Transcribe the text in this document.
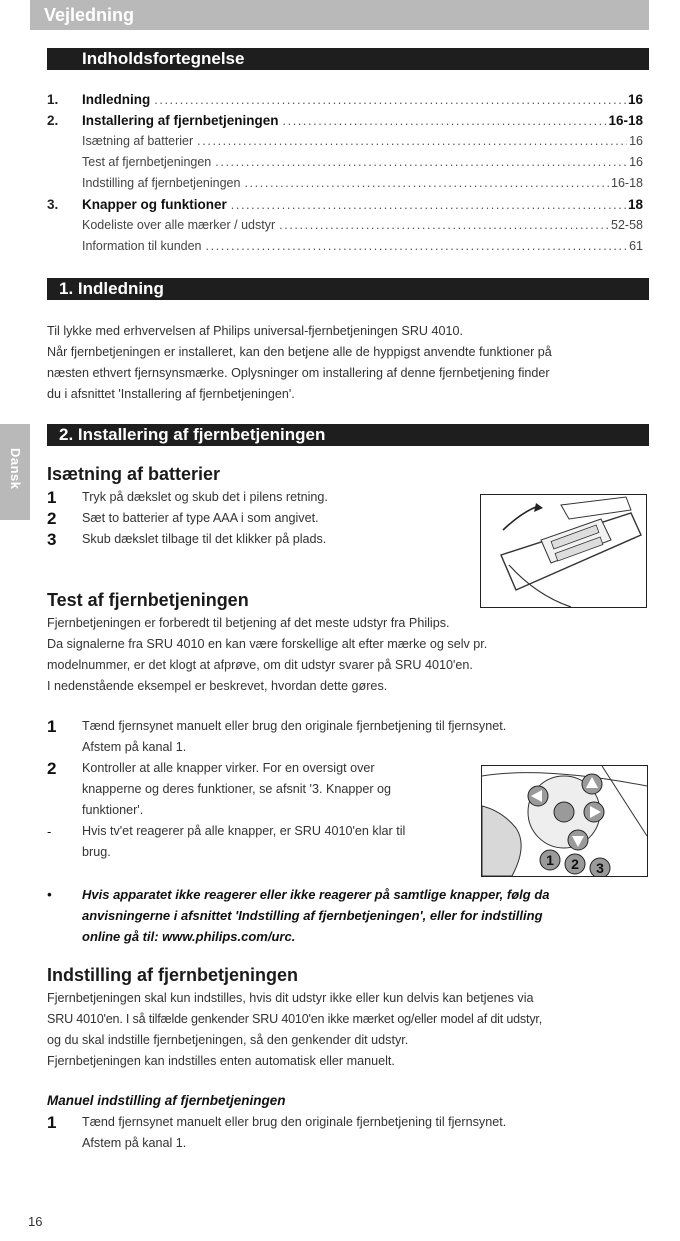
Vejledning
Dansk
Indholdsfortegnelse
1.	Indledning .....	16
2.	Installering af fjernbetjeningen .....	16-18
Isætning af batterier .....	16
Test af fjernbetjeningen .....	16
Indstilling af fjernbetjeningen .....	16-18
3.	Knapper og funktioner .....	18
Kodeliste over alle mærker / udstyr .....	52-58
Information til kunden .....	61
1. Indledning
Til lykke med erhvervelsen af Philips universal-fjernbetjeningen SRU 4010.
Når fjernbetjeningen er installeret, kan den betjene alle de hyppigst anvendte funktioner på
næsten ethvert fjernsynsmærke. Oplysninger om installering af denne fjernbetjening finder
du i afsnittet 'Installering af fjernbetjeningen'.
2. Installering af fjernbetjeningen
Isætning af batterier
1	Tryk på dækslet og skub det i pilens retning.
2	Sæt to batterier af type AAA i som angivet.
3	Skub dækslet tilbage til det klikker på plads.
Test af fjernbetjeningen
Fjernbetjeningen er forberedt til betjening af det meste udstyr fra Philips.
Da signalerne fra SRU 4010 en kan være forskellige alt efter mærke og selv pr.
modelnummer, er det klogt at afprøve, om dit udstyr svarer på SRU 4010'en.
I nedenstående eksempel er beskrevet, hvordan dette gøres.
1	Tænd fjernsynet manuelt eller brug den originale fjernbetjening til fjernsynet.
Afstem på kanal 1.
2	Kontroller at alle knapper virker. For en oversigt over
knapperne og deres funktioner, se afsnit '3. Knapper og
funktioner'.
-	Hvis tv'et reagerer på alle knapper, er SRU 4010'en klar til
brug.	1 2 3
•	Hvis apparatet ikke reagerer eller ikke reagerer på samtlige knapper, følg da
anvisningerne i afsnittet 'Indstilling af fjernbetjeningen', eller for indstilling
online gå til: www.philips.com/urc.
Indstilling af fjernbetjeningen
Fjernbetjeningen skal kun indstilles, hvis dit udstyr ikke eller kun delvis kan betjenes via
SRU 4010'en. I så tilfælde genkender SRU 4010'en ikke mærket og/eller model af dit udstyr,
og du skal indstille fjernbetjeningen, så den genkender dit udstyr.
Fjernbetjeningen kan indstilles enten automatisk eller manuelt.
Manuel indstilling af fjernbetjeningen
1	Tænd fjernsynet manuelt eller brug den originale fjernbetjening til fjernsynet.
Afstem på kanal 1.
16
